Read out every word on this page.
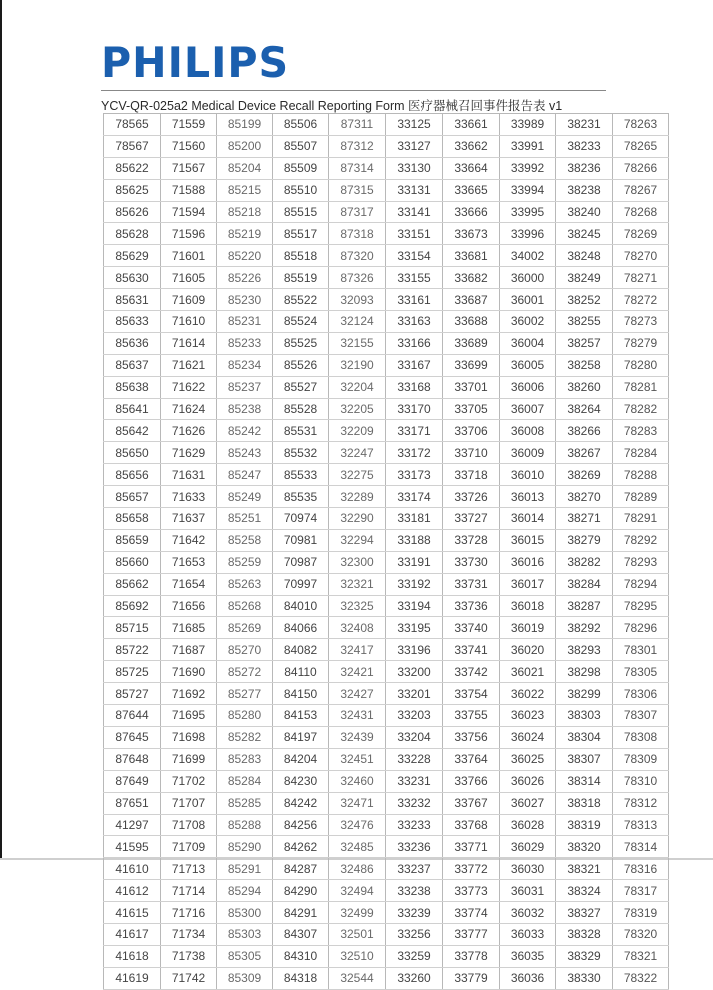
PHILIPS
YCV-QR-025a2 Medical Device Recall Reporting Form 医疗器械召回事件报告表 v1
78565	71559	85199	85506	87311	33125	33661	33989	38231	78263
78567	71560	85200	85507	87312	33127	33662	33991	38233	78265
85622	71567	85204	85509	87314	33130	33664	33992	38236	78266
85625	71588	85215	85510	87315	33131	33665	33994	38238	78267
85626	71594	85218	85515	87317	33141	33666	33995	38240	78268
85628	71596	85219	85517	87318	33151	33673	33996	38245	78269
85629	71601	85220	85518	87320	33154	33681	34002	38248	78270
85630	71605	85226	85519	87326	33155	33682	36000	38249	78271
85631	71609	85230	85522	32093	33161	33687	36001	38252	78272
85633	71610	85231	85524	32124	33163	33688	36002	38255	78273
85636	71614	85233	85525	32155	33166	33689	36004	38257	78279
85637	71621	85234	85526	32190	33167	33699	36005	38258	78280
85638	71622	85237	85527	32204	33168	33701	36006	38260	78281
85641	71624	85238	85528	32205	33170	33705	36007	38264	78282
85642	71626	85242	85531	32209	33171	33706	36008	38266	78283
85650	71629	85243	85532	32247	33172	33710	36009	38267	78284
85656	71631	85247	85533	32275	33173	33718	36010	38269	78288
85657	71633	85249	85535	32289	33174	33726	36013	38270	78289
85658	71637	85251	70974	32290	33181	33727	36014	38271	78291
85659	71642	85258	70981	32294	33188	33728	36015	38279	78292
85660	71653	85259	70987	32300	33191	33730	36016	38282	78293
85662	71654	85263	70997	32321	33192	33731	36017	38284	78294
85692	71656	85268	84010	32325	33194	33736	36018	38287	78295
85715	71685	85269	84066	32408	33195	33740	36019	38292	78296
85722	71687	85270	84082	32417	33196	33741	36020	38293	78301
85725	71690	85272	84110	32421	33200	33742	36021	38298	78305
85727	71692	85277	84150	32427	33201	33754	36022	38299	78306
87644	71695	85280	84153	32431	33203	33755	36023	38303	78307
87645	71698	85282	84197	32439	33204	33756	36024	38304	78308
87648	71699	85283	84204	32451	33228	33764	36025	38307	78309
87649	71702	85284	84230	32460	33231	33766	36026	38314	78310
87651	71707	85285	84242	32471	33232	33767	36027	38318	78312
41297	71708	85288	84256	32476	33233	33768	36028	38319	78313
41595	71709	85290	84262	32485	33236	33771	36029	38320	78314
41610	71713	85291	84287	32486	33237	33772	36030	38321	78316
41612	71714	85294	84290	32494	33238	33773	36031	38324	78317
41615	71716	85300	84291	32499	33239	33774	36032	38327	78319
41617	71734	85303	84307	32501	33256	33777	36033	38328	78320
41618	71738	85305	84310	32510	33259	33778	36035	38329	78321
41619	71742	85309	84318	32544	33260	33779	36036	38330	78322
